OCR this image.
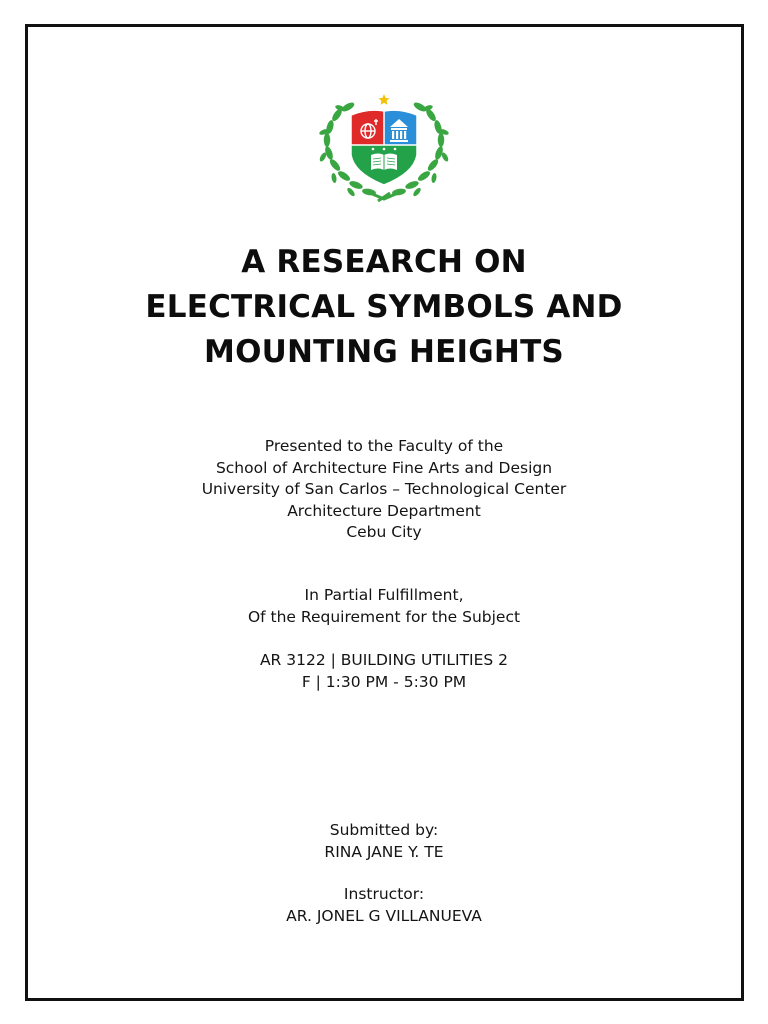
A RESEARCH ON
ELECTRICAL SYMBOLS AND
MOUNTING HEIGHTS
Presented to the Faculty of the
School of Architecture Fine Arts and Design
University of San Carlos – Technological Center
Architecture Department
Cebu City
In Partial Fulfillment,
Of the Requirement for the Subject
AR 3122 | BUILDING UTILITIES 2
F | 1:30 PM - 5:30 PM
Submitted by:
RINA JANE Y. TE
Instructor:
AR. JONEL G VILLANUEVA
